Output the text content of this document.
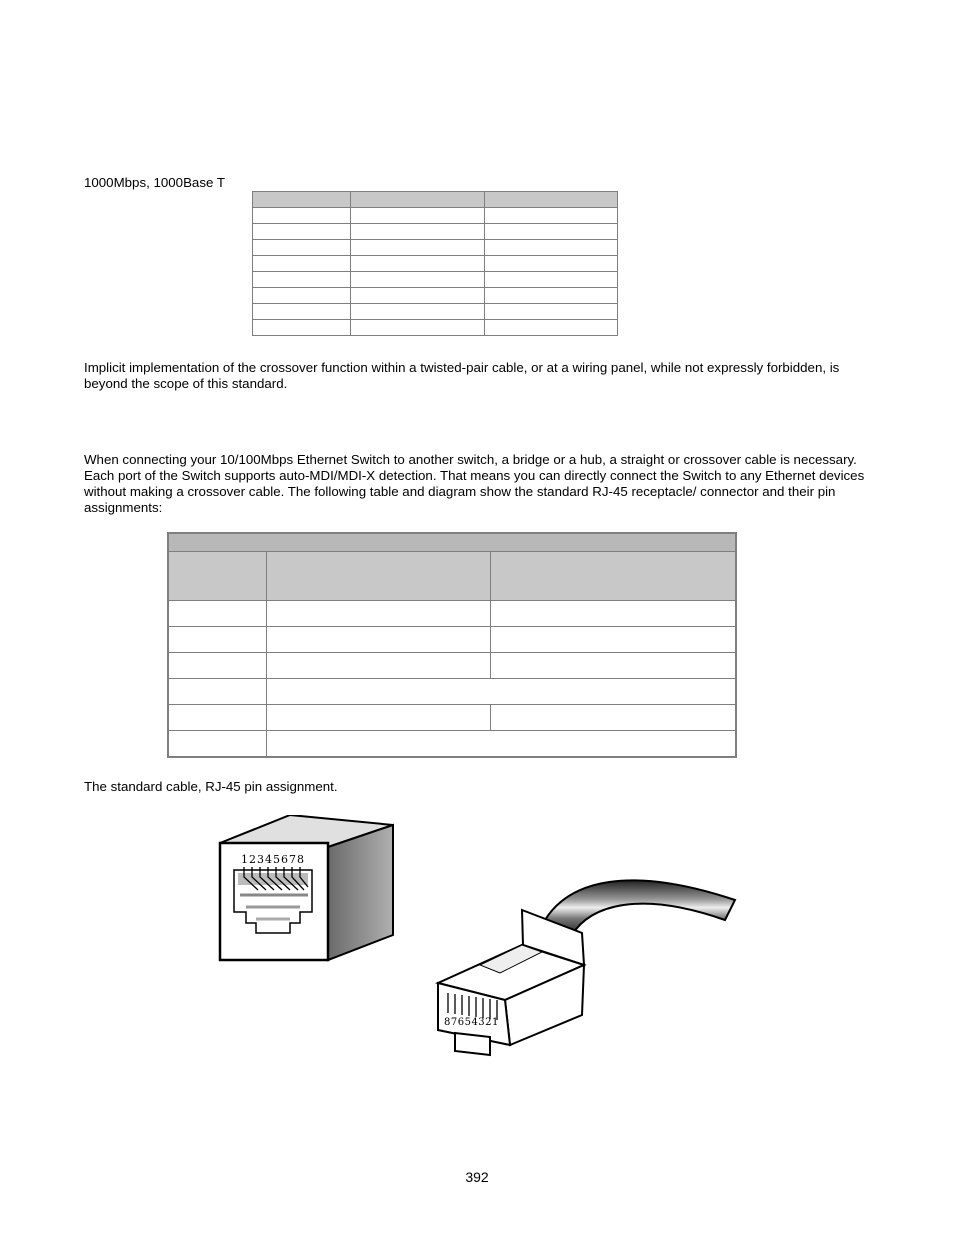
1000Mbps, 1000Base T

Implicit implementation of the crossover function within a twisted-pair cable, or at a wiring panel, while not expressly forbidden, is beyond the scope of this standard.
When connecting your 10/100Mbps Ethernet Switch to another switch, a bridge or a hub, a straight or crossover cable is necessary. Each port of the Switch supports auto-MDI/MDI-X detection. That means you can directly connect the Switch to any Ethernet devices without making a crossover cable. The following table and diagram show the standard RJ-45 receptacle/ connector and their pin assignments:

The standard cable, RJ-45 pin assignment.
12345678
87654321
392
